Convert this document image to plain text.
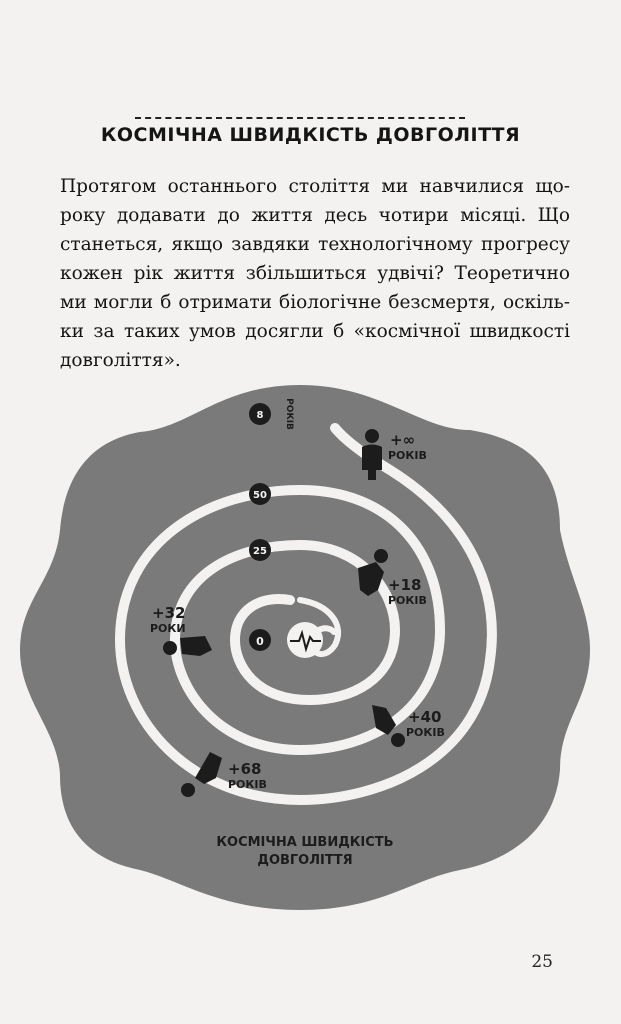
КОСМІЧНА ШВИДКІСТЬ ДОВГОЛІТТЯ

Протягом останнього століття ми навчилися що-
року додавати до життя десь чотири місяці. Що
станеться, якщо завдяки технологічному прогресу
кожен рік життя збільшиться удвічі? Теоретично
ми могли б отримати біологічне безсмертя, оскіль-
ки за таких умов досягли б «космічної швидкості
довголіття».

0
25
50
8 РОКІВ
+∞
РОКІВ
+18
РОКІВ
+32
РОКИ
+40
РОКІВ
+68
РОКІВ
КОСМІЧНА ШВИДКІСТЬ
ДОВГОЛІТТЯ
25
